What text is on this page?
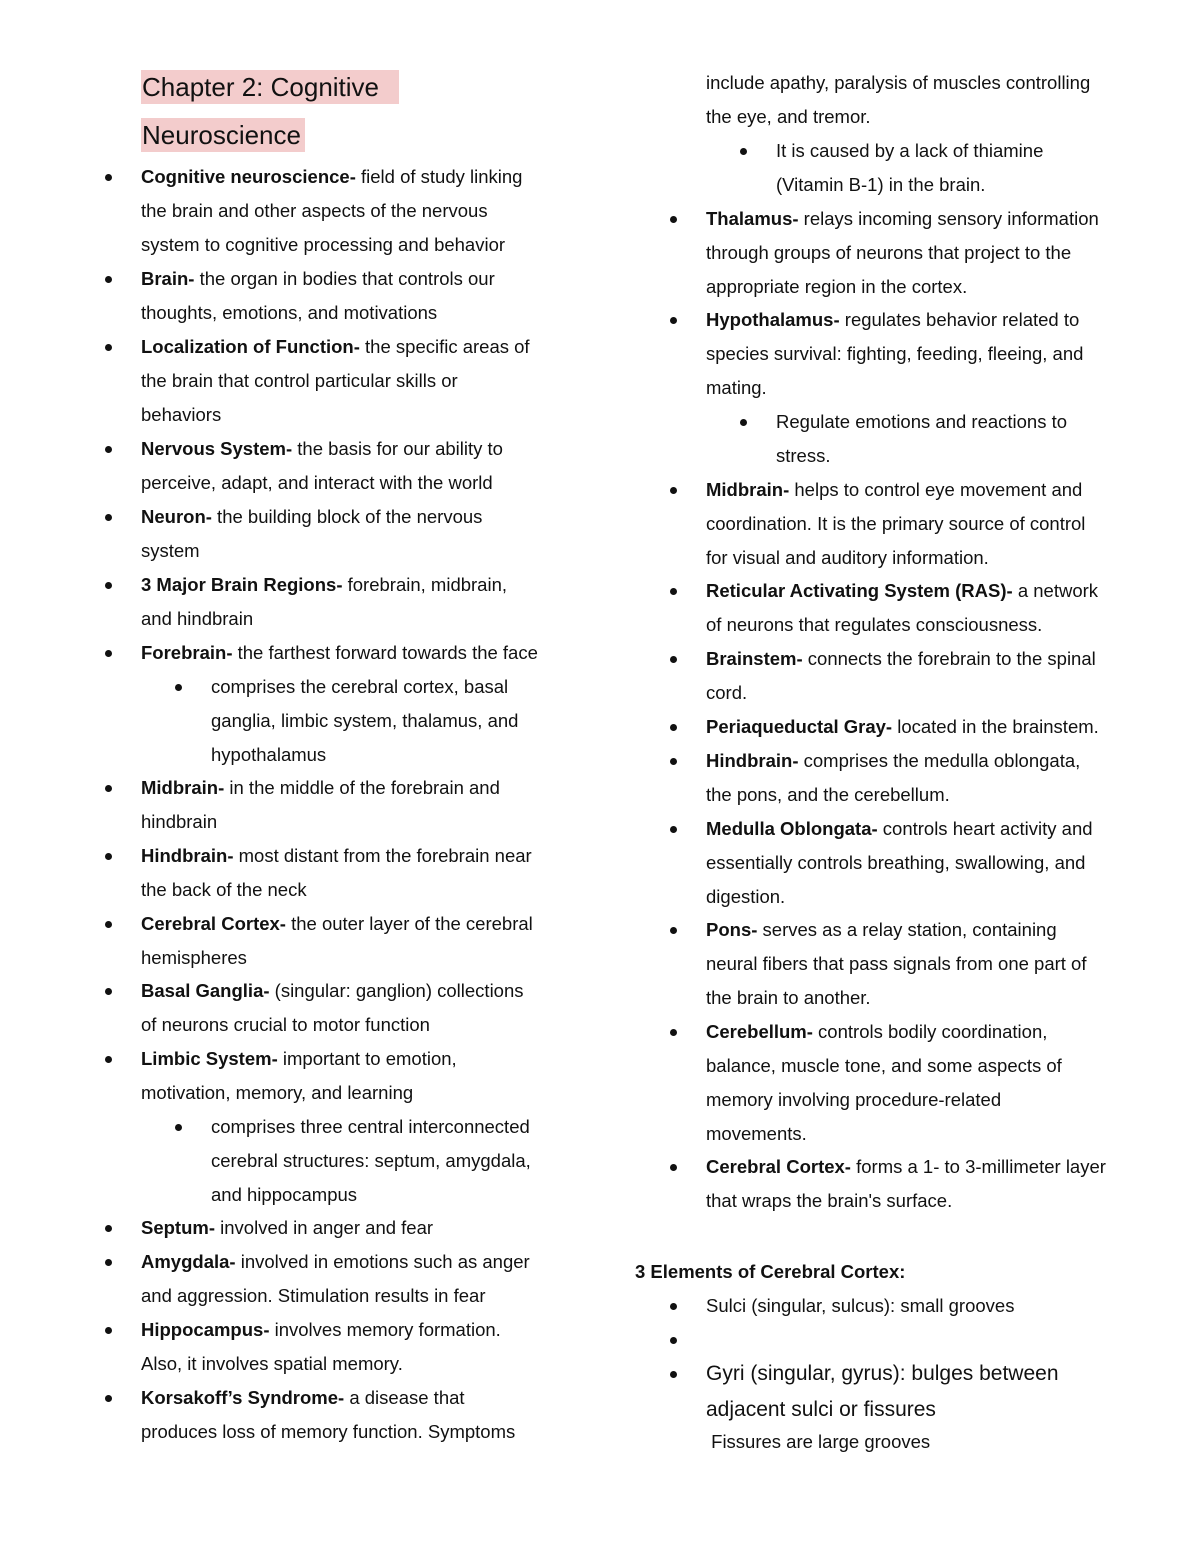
Chapter 2: Cognitive
Neuroscience
Cognitive neuroscience- field of study linking
the brain and other aspects of the nervous
system to cognitive processing and behavior
Brain- the organ in bodies that controls our
thoughts, emotions, and motivations
Localization of Function- the specific areas of
the brain that control particular skills or
behaviors
Nervous System- the basis for our ability to
perceive, adapt, and interact with the world
Neuron- the building block of the nervous
system
3 Major Brain Regions- forebrain, midbrain,
and hindbrain
Forebrain- the farthest forward towards the face
comprises the cerebral cortex, basal
ganglia, limbic system, thalamus, and
hypothalamus
Midbrain- in the middle of the forebrain and
hindbrain
Hindbrain- most distant from the forebrain near
the back of the neck
Cerebral Cortex- the outer layer of the cerebral
hemispheres
Basal Ganglia- (singular: ganglion) collections
of neurons crucial to motor function
Limbic System- important to emotion,
motivation, memory, and learning
comprises three central interconnected
cerebral structures: septum, amygdala,
and hippocampus
Septum- involved in anger and fear
Amygdala- involved in emotions such as anger
and aggression. Stimulation results in fear
Hippocampus- involves memory formation.
Also, it involves spatial memory.
Korsakoff’s Syndrome- a disease that
produces loss of memory function. Symptoms
include apathy, paralysis of muscles controlling
the eye, and tremor.
It is caused by a lack of thiamine
(Vitamin B-1) in the brain.
Thalamus- relays incoming sensory information
through groups of neurons that project to the
appropriate region in the cortex.
Hypothalamus- regulates behavior related to
species survival: fighting, feeding, fleeing, and
mating.
Regulate emotions and reactions to
stress.
Midbrain- helps to control eye movement and
coordination. It is the primary source of control
for visual and auditory information.
Reticular Activating System (RAS)- a network
of neurons that regulates consciousness.
Brainstem- connects the forebrain to the spinal
cord.
Periaqueductal Gray- located in the brainstem.
Hindbrain- comprises the medulla oblongata,
the pons, and the cerebellum.
Medulla Oblongata- controls heart activity and
essentially controls breathing, swallowing, and
digestion.
Pons- serves as a relay station, containing
neural fibers that pass signals from one part of
the brain to another.
Cerebellum- controls bodily coordination,
balance, muscle tone, and some aspects of
memory involving procedure-related
movements.
Cerebral Cortex- forms a 1- to 3-millimeter layer
that wraps the brain's surface.
3 Elements of Cerebral Cortex:
Sulci (singular, sulcus): small grooves

Fissures are large grooves

Gyri (singular, gyrus): bulges between
adjacent sulci or fissures
